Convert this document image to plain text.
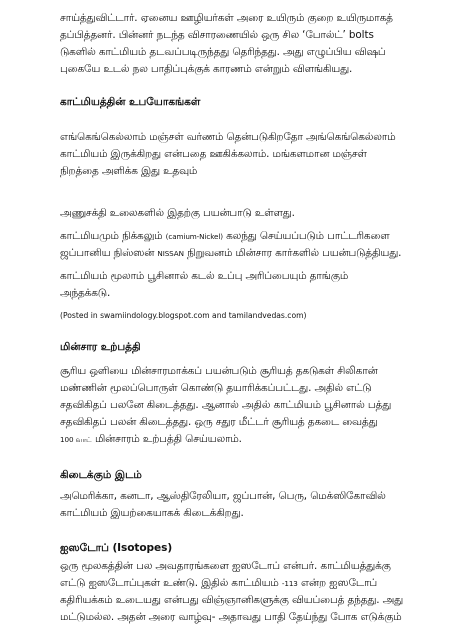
சாய்த்துவிட்டார். ஏனைய ஊழியர்கள் அரை உயிரும் குறை உயிருமாகத்
தப்பித்தனர். பின்னர் நடந்த விசாரணையில் ஒரு சில ‘போல்ட்’ bolts
டுகளில் காட்மியம் தடவப்படிருந்தது தெரிந்தது. அது எழுப்பிய விஷப்
புகையே உடல் நல பாதிப்புக்குக் காரணம் என்றும் விளங்கியது.

காட்மியத்தின் உபயோகங்கள்

எங்கெங்கெல்லாம் மஞ்சள் வர்ணம் தென்படுகிறதோ அங்கெங்கெல்லாம்
காட்மியம் இருக்கிறது என்பதை ஊகிக்கலாம். மங்களமான மஞ்சள்
நிறத்தை அளிக்க இது உதவும்

அணுசக்தி உலைகளில் இதற்கு பயன்பாடு உள்ளது.

காட்மியமும் நிக்கலும் (camium-Nickel) கலந்து செய்யப்படும் பாட்டரிகளை
ஜப்பானிய நிஸ்ஸன் NISSAN நிறுவனம் மின்சார கார்களில் பயன்படுத்தியது.

காட்மியம் மூலாம் பூசினால் கடல் உப்பு அரிப்பையும் தாங்கும்
அந்தக்கடு.

(Posted in swamiindology.blogspot.com and tamilandvedas.com)

மின்சார உற்பத்தி

சூரிய ஒளியை மின்சாரமாக்கப் பயன்படும் சூரியத் தகடுகள் சிலிகான்
மண்ணின் மூலப்பொருள் கொண்டு தயாரிக்கப்பட்டது. அதில் எட்டு
சதவிகிதப் பலனே கிடைத்தது. ஆனால் அதில் காட்மியம் பூசினால் பத்து
சதவிகிதப் பலன் கிடைத்தது. ஒரு சதுர மீட்டர் சூரியத் தகடை வைத்து
100 வாட் மின்சாரம் உற்பத்தி செய்யலாம்.

கிடைக்கும் இடம்

அமெரிக்கா, கனடா, ஆஸ்திரேலியா, ஜப்பான், பெரு, மெக்ஸிகோவில்
காட்மியம் இயற்கையாகக் கிடைக்கிறது.

ஐஸடோப் (Isotopes)

ஒரு மூலகத்தின் பல அவதாரங்களை ஐஸடோப் என்பர். காட்மியத்துக்கு
எட்டு ஐஸடோப்புகள் உண்டு. இதில் காட்மியம் -113 என்ற ஐஸடோப்
கதிரியக்கம் உடையது என்பது விஞ்ஞானிகளுக்கு வியப்பைத் தந்தது. அது
மட்டுமல்ல. அதன் அரை வாழ்வு- அதாவது பாதி தேய்ந்து போக எடுக்கும்
